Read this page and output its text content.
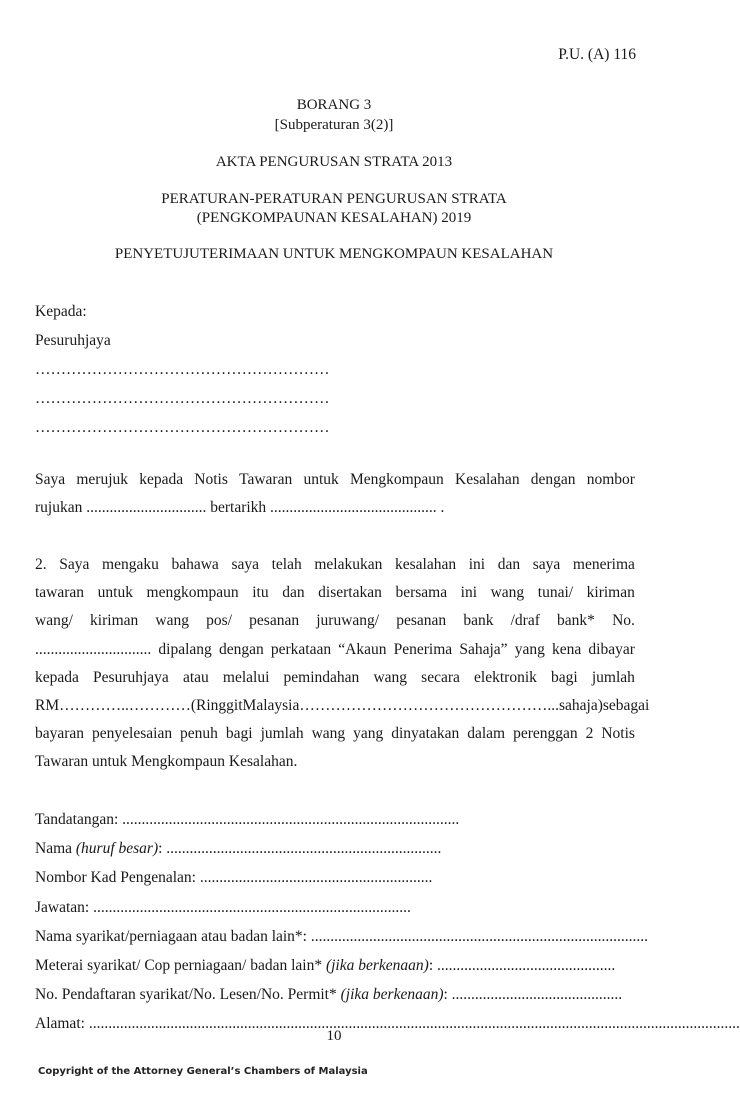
P.U. (A) 116
BORANG 3
[Subperaturan 3(2)]
AKTA PENGURUSAN STRATA 2013
PERATURAN-PERATURAN PENGURUSAN STRATA
(PENGKOMPAUNAN KESALAHAN) 2019
PENYETUJUTERIMAAN UNTUK MENGKOMPAUN KESALAHAN
Kepada:
Pesuruhjaya
…………………………………………………
…………………………………………………
…………………………………………………
Saya merujuk kepada Notis Tawaran untuk Mengkompaun Kesalahan dengan nombor
rujukan ............................... bertarikh ........................................... .
2. Saya mengaku bahawa saya telah melakukan kesalahan ini dan saya menerima
tawaran untuk mengkompaun itu dan disertakan bersama ini wang tunai/ kiriman
wang/ kiriman wang pos/ pesanan juruwang/ pesanan bank /draf bank* No.
.............................. dipalang dengan perkataan “Akaun Penerima Sahaja” yang kena dibayar
kepada Pesuruhjaya atau melalui pemindahan wang secara elektronik bagi jumlah
RM…………..………… (Ringgit Malaysia …………………………………………... sahaja) sebagai
bayaran penyelesaian penuh bagi jumlah wang yang dinyatakan dalam perenggan 2 Notis
Tawaran untuk Mengkompaun Kesalahan.
Tandatangan: .......................................................................................
Nama (huruf besar): .......................................................................
Nombor Kad Pengenalan: ............................................................
Jawatan: ..................................................................................
Nama syarikat/perniagaan atau badan lain*: .......................................................................................
Meterai syarikat/ Cop perniagaan/ badan lain* (jika berkenaan): ..............................................
No. Pendaftaran syarikat/No. Lesen/No. Permit* (jika berkenaan): ............................................
Alamat: ........................................................................................................................................................................
10
Copyright of the Attorney General’s Chambers of Malaysia
